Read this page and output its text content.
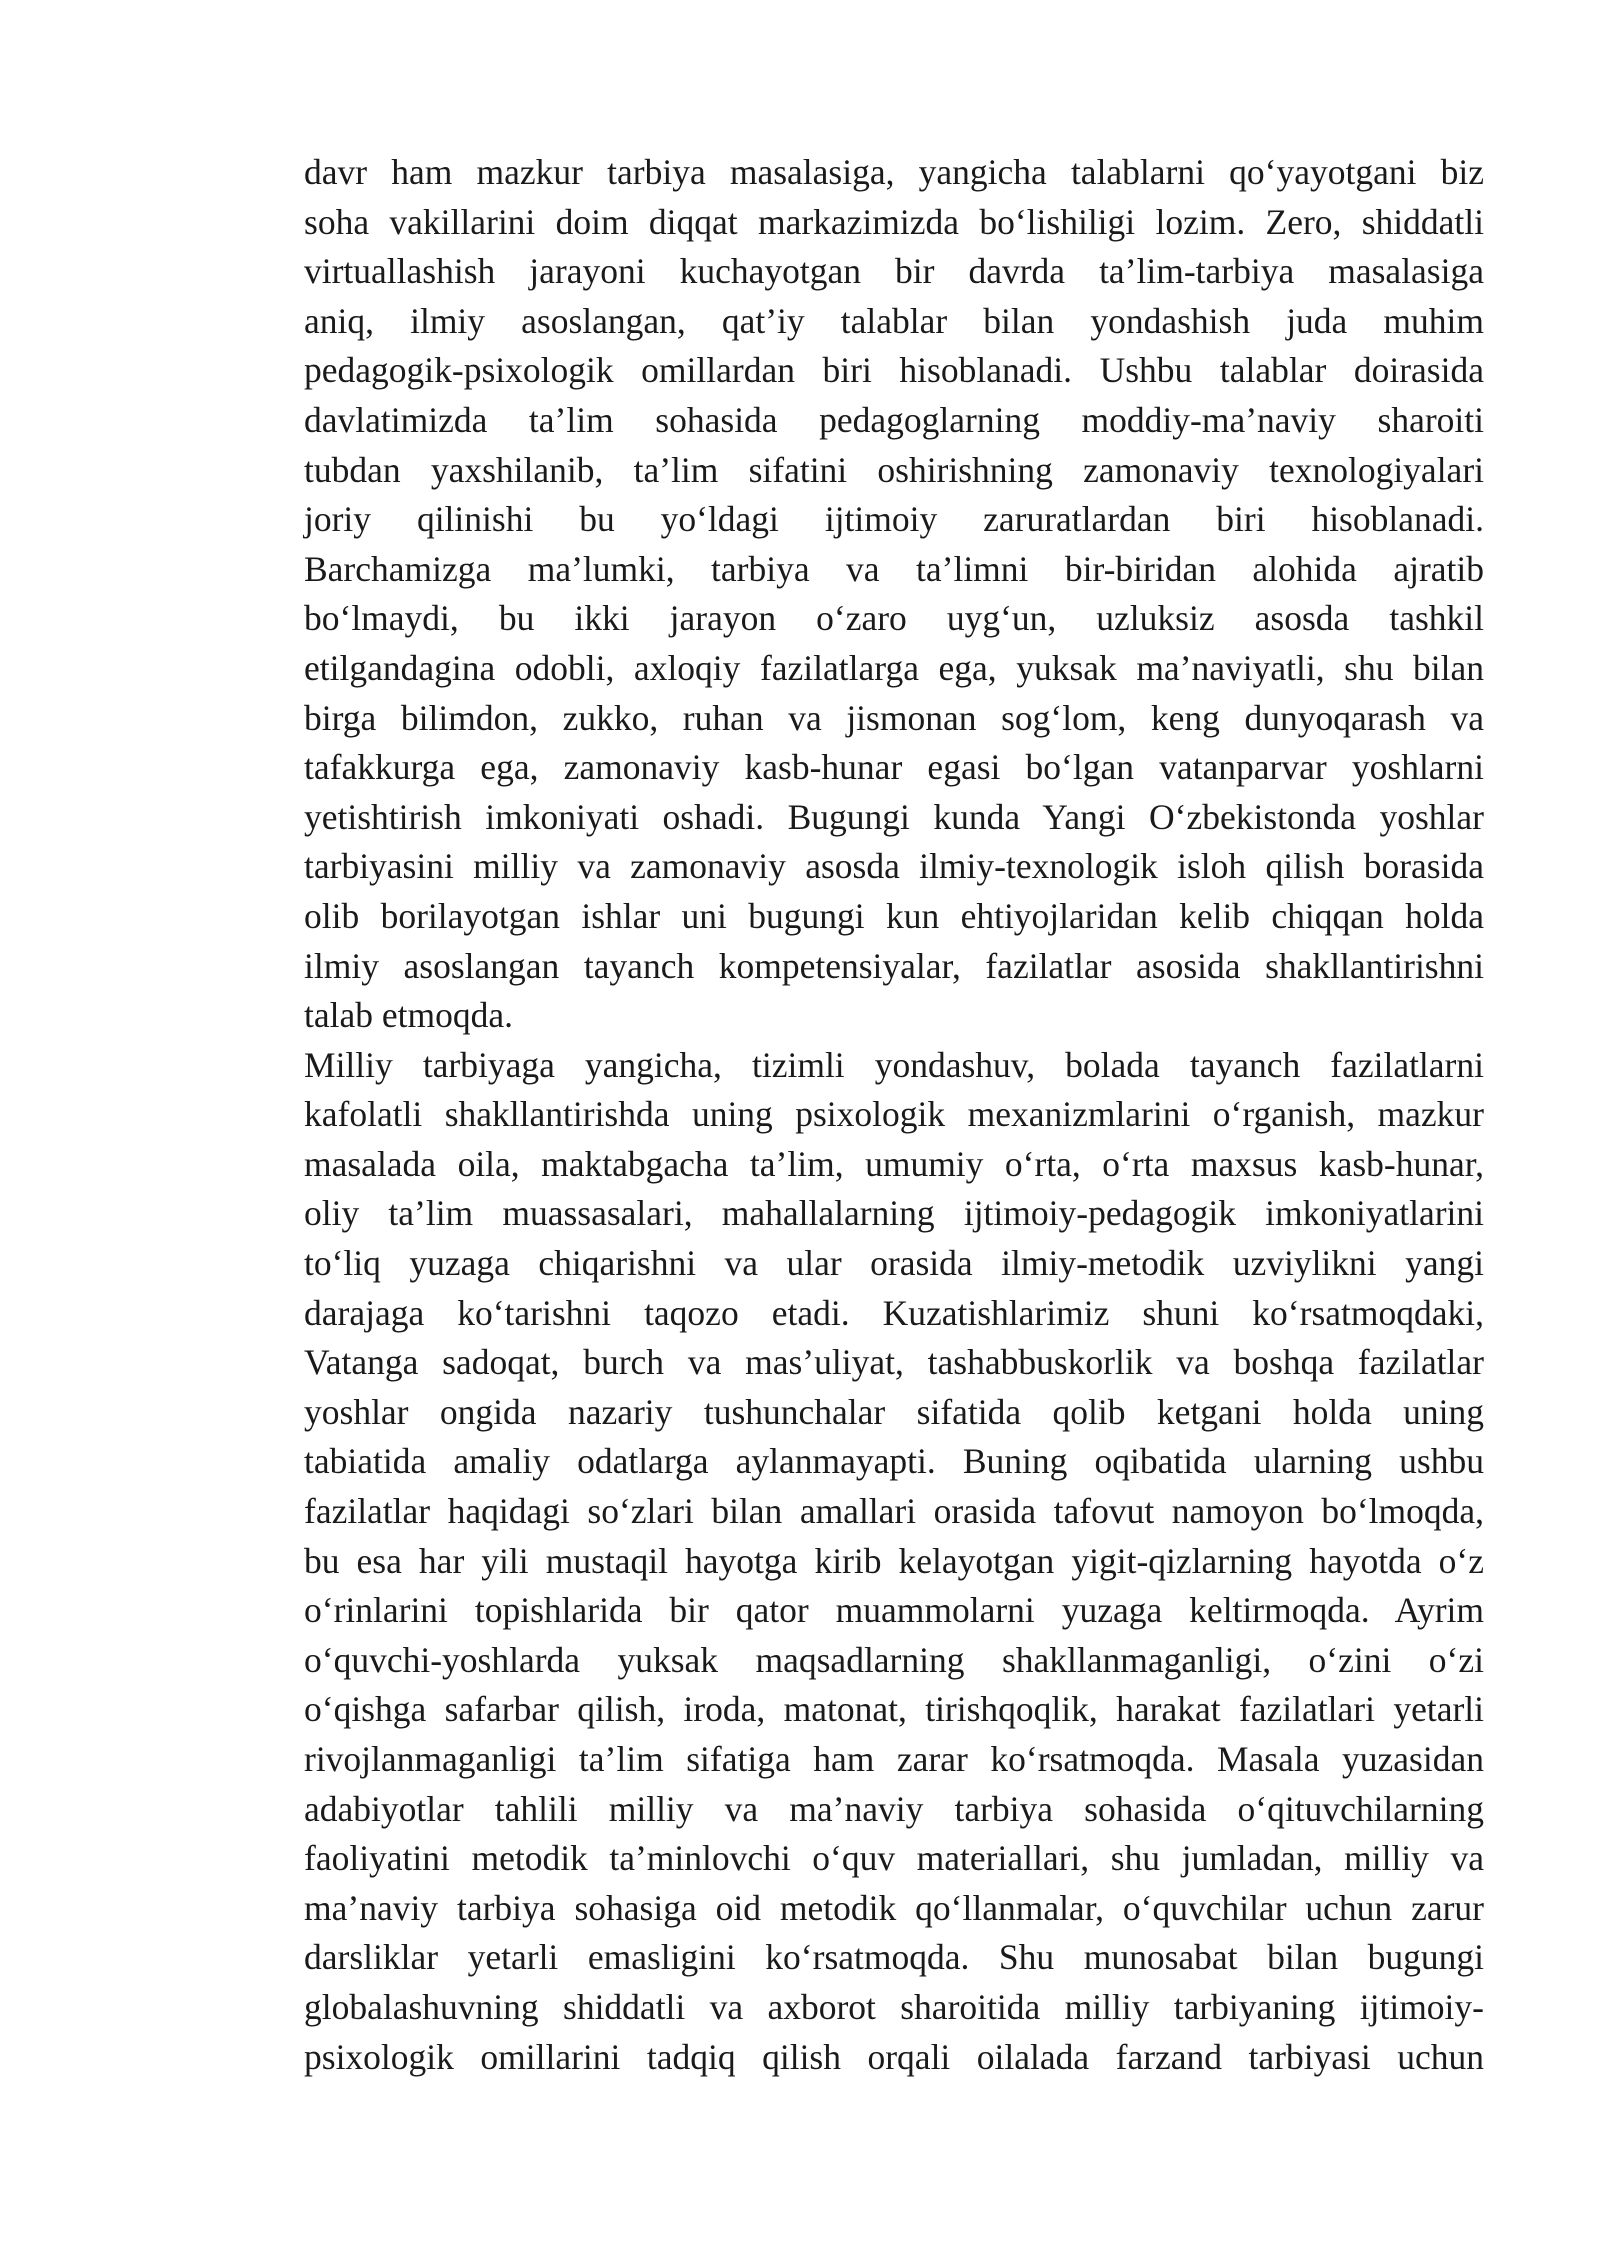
davr ham mazkur tarbiya masalasiga, yangicha talablarni qo‘yayotgani biz
soha vakillarini doim diqqat markazimizda bo‘lishiligi lozim. Zero, shiddatli
virtuallashish jarayoni kuchayotgan bir davrda ta’lim-tarbiya masalasiga
aniq, ilmiy asoslangan, qat’iy talablar bilan yondashish juda muhim
pedagogik-psixologik omillardan biri hisoblanadi. Ushbu talablar doirasida
davlatimizda ta’lim sohasida pedagoglarning moddiy-ma’naviy sharoiti
tubdan yaxshilanib, ta’lim sifatini oshirishning zamonaviy texnologiyalari
joriy qilinishi bu yo‘ldagi ijtimoiy zaruratlardan biri hisoblanadi.
Barchamizga ma’lumki, tarbiya va ta’limni bir-biridan alohida ajratib
bo‘lmaydi, bu ikki jarayon o‘zaro uyg‘un, uzluksiz asosda tashkil
etilgandagina odobli, axloqiy fazilatlarga ega, yuksak ma’naviyatli, shu bilan
birga bilimdon, zukko, ruhan va jismonan sog‘lom, keng dunyoqarash va
tafakkurga ega, zamonaviy kasb-hunar egasi bo‘lgan vatanparvar yoshlarni
yetishtirish imkoniyati oshadi. Bugungi kunda Yangi O‘zbekistonda yoshlar
tarbiyasini milliy va zamonaviy asosda ilmiy-texnologik isloh qilish borasida
olib borilayotgan ishlar uni bugungi kun ehtiyojlaridan kelib chiqqan holda
ilmiy asoslangan tayanch kompetensiyalar, fazilatlar asosida shakllantirishni
talab etmoqda.
Milliy tarbiyaga yangicha, tizimli yondashuv, bolada tayanch fazilatlarni
kafolatli shakllantirishda uning psixologik mexanizmlarini o‘rganish, mazkur
masalada oila, maktabgacha ta’lim, umumiy o‘rta, o‘rta maxsus kasb-hunar,
oliy ta’lim muassasalari, mahallalarning ijtimoiy-pedagogik imkoniyatlarini
to‘liq yuzaga chiqarishni va ular orasida ilmiy-metodik uzviylikni yangi
darajaga ko‘tarishni taqozo etadi. Kuzatishlarimiz shuni ko‘rsatmoqdaki,
Vatanga sadoqat, burch va mas’uliyat, tashabbuskorlik va boshqa fazilatlar
yoshlar ongida nazariy tushunchalar sifatida qolib ketgani holda uning
tabiatida amaliy odatlarga aylanmayapti. Buning oqibatida ularning ushbu
fazilatlar haqidagi so‘zlari bilan amallari orasida tafovut namoyon bo‘lmoqda,
bu esa har yili mustaqil hayotga kirib kelayotgan yigit-qizlarning hayotda o‘z
o‘rinlarini topishlarida bir qator muammolarni yuzaga keltirmoqda. Ayrim
o‘quvchi-yoshlarda yuksak maqsadlarning shakllanmaganligi, o‘zini o‘zi
o‘qishga safarbar qilish, iroda, matonat, tirishqoqlik, harakat fazilatlari yetarli
rivojlanmaganligi ta’lim sifatiga ham zarar ko‘rsatmoqda. Masala yuzasidan
adabiyotlar tahlili milliy va ma’naviy tarbiya sohasida o‘qituvchilarning
faoliyatini metodik ta’minlovchi o‘quv materiallari, shu jumladan, milliy va
ma’naviy tarbiya sohasiga oid metodik qo‘llanmalar, o‘quvchilar uchun zarur
darsliklar yetarli emasligini ko‘rsatmoqda. Shu munosabat bilan bugungi
globalashuvning shiddatli va axborot sharoitida milliy tarbiyaning ijtimoiy-
psixologik omillarini tadqiq qilish orqali oilalada farzand tarbiyasi uchun
